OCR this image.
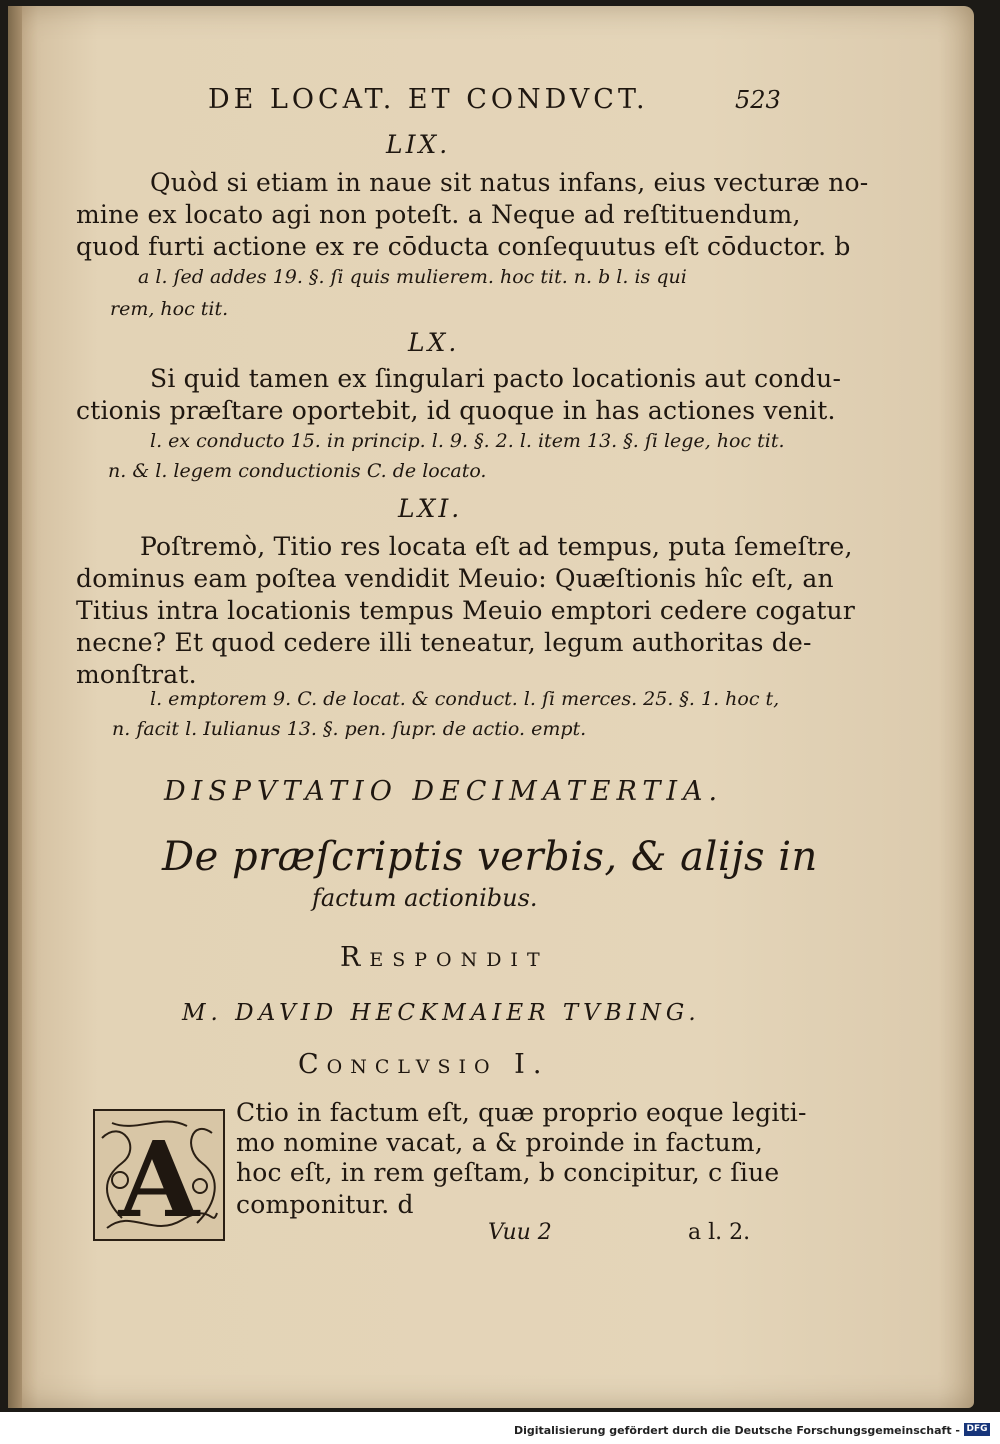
DE LOCAT. ET CONDVCT.	523
LIX.
Quòd si etiam in naue sit natus infans, eius vecturæ no-
mine ex locato agi non poteſt. a Neque ad reſtituendum,
quod furti actione ex re cōducta conſequutus eſt cōductor. b
a l. ſed addes 19. §. ſi quis mulierem. hoc tit. n. b l. is qui
rem, hoc tit.
LX.
Si quid tamen ex ſingulari pacto locationis aut condu-
ctionis præſtare oportebit, id quoque in has actiones venit.
l. ex conducto 15. in princip. l. 9. §. 2. l. item 13. §. ſi lege, hoc tit.
n. & l. legem conductionis C. de locato.
LXI.
Poſtremò, Titio res locata eſt ad tempus, puta ſemeſtre,
dominus eam poſtea vendidit Meuio: Quæſtionis hîc eſt, an
Titius intra locationis tempus Meuio emptori cedere cogatur
necne? Et quod cedere illi teneatur, legum authoritas de-
monſtrat.
l. emptorem 9. C. de locat. & conduct. l. ſi merces. 25. §. 1. hoc t,
n. facit l. Iulianus 13. §. pen. ſupr. de actio. empt.
DISPVTATIO DECIMATERTIA.
De præſcriptis verbis, & alijs in
factum actionibus.
Respondit
M. DAVID HECKMAIER TVBING.
Conclvsio I.
A
Ctio in factum eſt, quæ proprio eoque legiti-
mo nomine vacat, a & proinde in factum,
hoc eſt, in rem geſtam, b concipitur, c ſiue
componitur. d
Vuu 2	a l. 2.
Digitalisierung gefördert durch die Deutsche Forschungsgemeinschaft - DFG
